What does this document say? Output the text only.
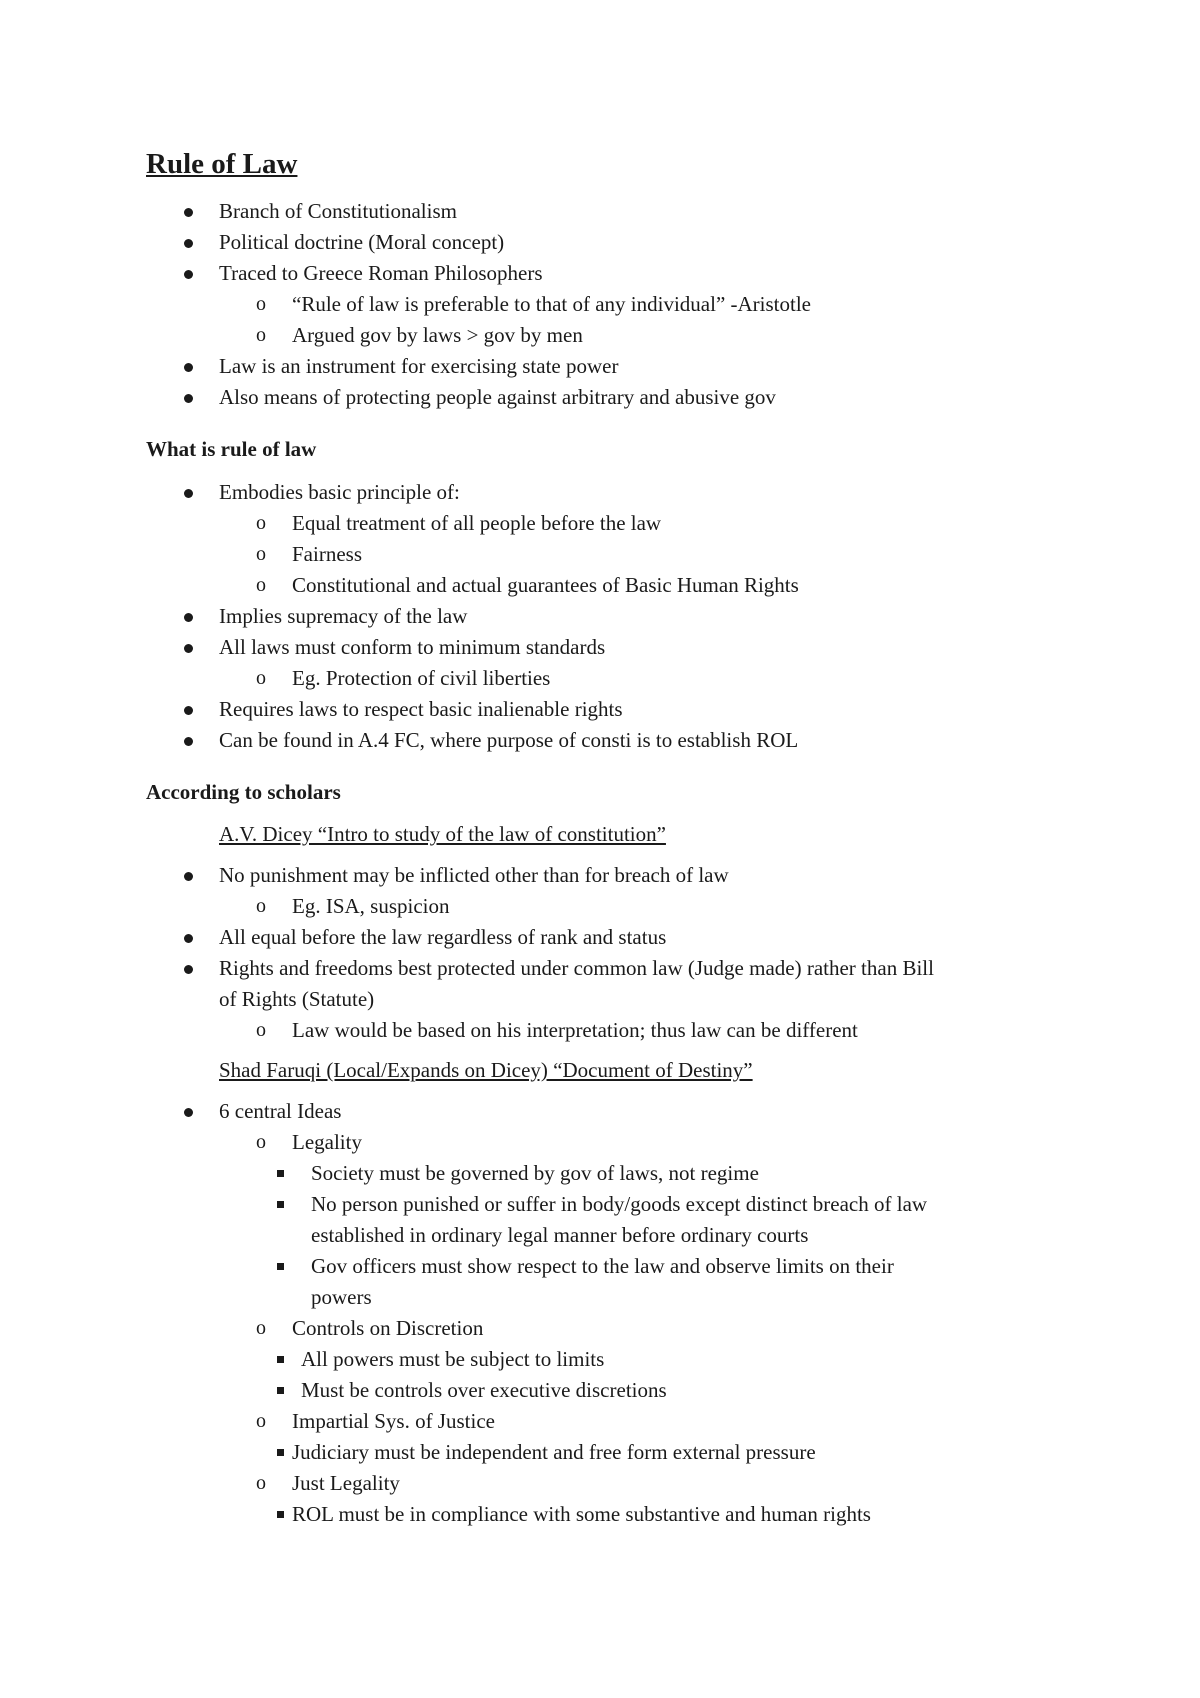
Rule of Law
Branch of Constitutionalism
Political doctrine (Moral concept)
Traced to Greece Roman Philosophers
o “Rule of law is preferable to that of any individual” -Aristotle
o Argued gov by laws > gov by men
Law is an instrument for exercising state power
Also means of protecting people against arbitrary and abusive gov
What is rule of law
Embodies basic principle of:
o Equal treatment of all people before the law
o Fairness
o Constitutional and actual guarantees of Basic Human Rights
Implies supremacy of the law
All laws must conform to minimum standards
o Eg. Protection of civil liberties
Requires laws to respect basic inalienable rights
Can be found in A.4 FC, where purpose of consti is to establish ROL
According to scholars
A.V. Dicey “Intro to study of the law of constitution”
No punishment may be inflicted other than for breach of law
o Eg. ISA, suspicion
All equal before the law regardless of rank and status
Rights and freedoms best protected under common law (Judge made) rather than Bill
of Rights (Statute)
o Law would be based on his interpretation; thus law can be different
Shad Faruqi (Local/Expands on Dicey) “Document of Destiny”
6 central Ideas
o Legality
Society must be governed by gov of laws, not regime
No person punished or suffer in body/goods except distinct breach of law
established in ordinary legal manner before ordinary courts
Gov officers must show respect to the law and observe limits on their
powers
o Controls on Discretion
All powers must be subject to limits
Must be controls over executive discretions
o Impartial Sys. of Justice
Judiciary must be independent and free form external pressure
o Just Legality
ROL must be in compliance with some substantive and human rights
